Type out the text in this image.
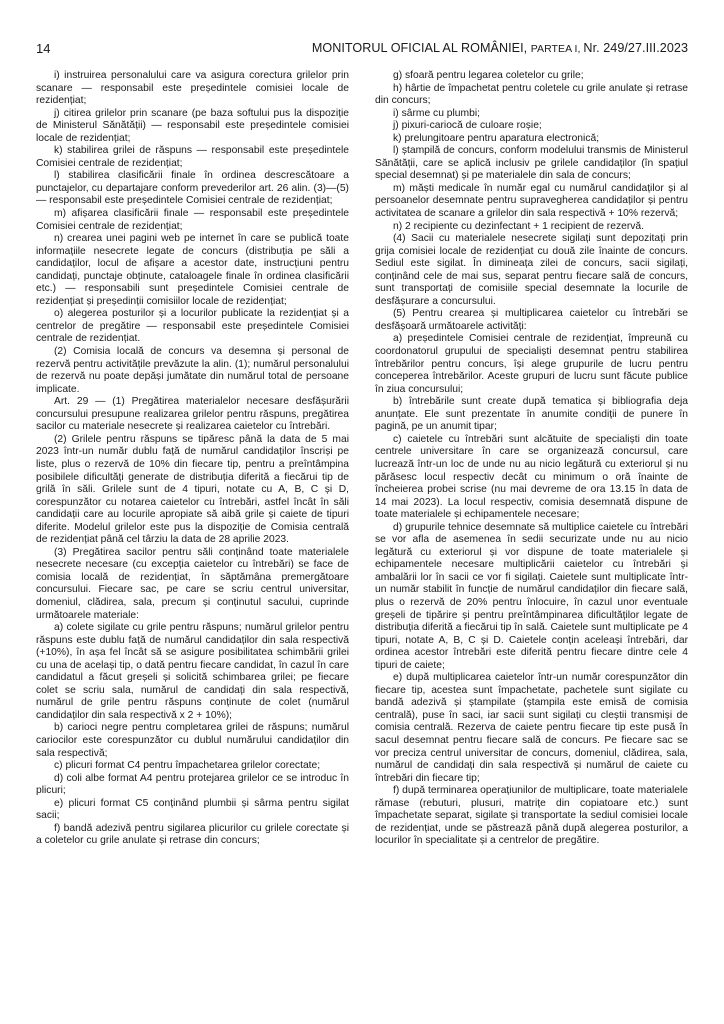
14	MONITORUL OFICIAL AL ROMÂNIEI, PARTEA I, Nr. 249/27.III.2023

i) instruirea personalului care va asigura corectura grilelor prin scanare — responsabil este președintele comisiei locale de rezidențiat;

j) citirea grilelor prin scanare (pe baza softului pus la dispoziție de Ministerul Sănătății) — responsabil este președintele comisiei locale de rezidențiat;

k) stabilirea grilei de răspuns — responsabil este președintele Comisiei centrale de rezidențiat;

l) stabilirea clasificării finale în ordinea descrescătoare a punctajelor, cu departajare conform prevederilor art. 26 alin. (3)—(5) — responsabil este președintele Comisiei centrale de rezidențiat;

m) afișarea clasificării finale — responsabil este președintele Comisiei centrale de rezidențiat;

n) crearea unei pagini web pe internet în care se publică toate informațiile nesecrete legate de concurs (distribuția pe săli a candidaților, locul de afișare a acestor date, instrucțiuni pentru candidați, punctaje obținute, cataloagele finale în ordinea clasificării etc.) — responsabili sunt președintele Comisiei centrale de rezidențiat și președinții comisiilor locale de rezidențiat;

o) alegerea posturilor și a locurilor publicate la rezidențiat și a centrelor de pregătire — responsabil este președintele Comisiei centrale de rezidențiat.

(2) Comisia locală de concurs va desemna și personal de rezervă pentru activitățile prevăzute la alin. (1); numărul personalului de rezervă nu poate depăși jumătate din numărul total de persoane implicate.

Art. 29 — (1) Pregătirea materialelor necesare desfășurării concursului presupune realizarea grilelor pentru răspuns, pregătirea sacilor cu materiale nesecrete și realizarea caietelor cu întrebări.

(2) Grilele pentru răspuns se tipăresc până la data de 5 mai 2023 într-un număr dublu față de numărul candidaților înscriși pe liste, plus o rezervă de 10% din fiecare tip, pentru a preîntâmpina posibilele dificultăți generate de distribuția diferită a fiecărui tip de grilă în săli. Grilele sunt de 4 tipuri, notate cu A, B, C și D, corespunzător cu notarea caietelor cu întrebări, astfel încât în săli candidații care au locurile apropiate să aibă grile și caiete de tipuri diferite. Modelul grilelor este pus la dispoziție de Comisia centrală de rezidențiat până cel târziu la data de 28 aprilie 2023.

(3) Pregătirea sacilor pentru săli conținând toate materialele nesecrete necesare (cu excepția caietelor cu întrebări) se face de comisia locală de rezidențiat, în săptămâna premergătoare concursului. Fiecare sac, pe care se scriu centrul universitar, domeniul, clădirea, sala, precum și conținutul sacului, cuprinde următoarele materiale:

a) colete sigilate cu grile pentru răspuns; numărul grilelor pentru răspuns este dublu față de numărul candidaților din sala respectivă (+10%), în așa fel încât să se asigure posibilitatea schimbării grilei cu una de același tip, o dată pentru fiecare candidat, în cazul în care candidatul a făcut greșeli și solicită schimbarea grilei; pe fiecare colet se scriu sala, numărul de candidați din sala respectivă, numărul de grile pentru răspuns conținute de colet (numărul candidaților din sala respectivă x 2 + 10%);

b) carioci negre pentru completarea grilei de răspuns; numărul cariocilor este corespunzător cu dublul numărului candidaților din sala respectivă;

c) plicuri format C4 pentru împachetarea grilelor corectate;

d) coli albe format A4 pentru protejarea grilelor ce se introduc în plicuri;

e) plicuri format C5 conținând plumbii și sârma pentru sigilat sacii;

f) bandă adezivă pentru sigilarea plicurilor cu grilele corectate și a coletelor cu grile anulate și retrase din concurs;

g) sfoară pentru legarea coletelor cu grile;

h) hârtie de împachetat pentru coletele cu grile anulate și retrase din concurs;

i) sârme cu plumbi;

j) pixuri-cariocă de culoare roșie;

k) prelungitoare pentru aparatura electronică;

l) ștampilă de concurs, conform modelului transmis de Ministerul Sănătății, care se aplică inclusiv pe grilele candidaților (în spațiul special desemnat) și pe materialele din sala de concurs;

m) măști medicale în număr egal cu numărul candidaților și al persoanelor desemnate pentru supravegherea candidaților și pentru activitatea de scanare a grilelor din sala respectivă + 10% rezervă;

n) 2 recipiente cu dezinfectant + 1 recipient de rezervă.

(4) Sacii cu materialele nesecrete sigilați sunt depozitați prin grija comisiei locale de rezidențiat cu două zile înainte de concurs. Sediul este sigilat. În dimineața zilei de concurs, sacii sigilați, conținând cele de mai sus, separat pentru fiecare sală de concurs, sunt transportați de comisiile special desemnate la locurile de desfășurare a concursului.

(5) Pentru crearea și multiplicarea caietelor cu întrebări se desfășoară următoarele activități:

a) președintele Comisiei centrale de rezidențiat, împreună cu coordonatorul grupului de specialiști desemnat pentru stabilirea întrebărilor pentru concurs, își alege grupurile de lucru pentru conceperea întrebărilor. Aceste grupuri de lucru sunt făcute publice în ziua concursului;

b) întrebările sunt create după tematica și bibliografia deja anunțate. Ele sunt prezentate în anumite condiții de punere în pagină, pe un anumit tipar;

c) caietele cu întrebări sunt alcătuite de specialiști din toate centrele universitare în care se organizează concursul, care lucrează într-un loc de unde nu au nicio legătură cu exteriorul și nu părăsesc locul respectiv decât cu minimum o oră înainte de încheierea probei scrise (nu mai devreme de ora 13.15 în data de 14 mai 2023). La locul respectiv, comisia desemnată dispune de toate materialele și echipamentele necesare;

d) grupurile tehnice desemnate să multiplice caietele cu întrebări se vor afla de asemenea în sedii securizate unde nu au nicio legătură cu exteriorul și vor dispune de toate materialele și echipamentele necesare multiplicării caietelor cu întrebări și ambalării lor în sacii ce vor fi sigilați. Caietele sunt multiplicate într-un număr stabilit în funcție de numărul candidaților din fiecare sală, plus o rezervă de 20% pentru înlocuire, în cazul unor eventuale greșeli de tipărire și pentru preîntâmpinarea dificultăților legate de distribuția diferită a fiecărui tip în sală. Caietele sunt multiplicate pe 4 tipuri, notate A, B, C și D. Caietele conțin aceleași întrebări, dar ordinea acestor întrebări este diferită pentru fiecare dintre cele 4 tipuri de caiete;

e) după multiplicarea caietelor într-un număr corespunzător din fiecare tip, acestea sunt împachetate, pachetele sunt sigilate cu bandă adezivă și ștampilate (ștampila este emisă de comisia centrală), puse în saci, iar sacii sunt sigilați cu cleștii transmiși de comisia centrală. Rezerva de caiete pentru fiecare tip este pusă în sacul desemnat pentru fiecare sală de concurs. Pe fiecare sac se vor preciza centrul universitar de concurs, domeniul, clădirea, sala, numărul de candidați din sala respectivă și numărul de caiete cu întrebări din fiecare tip;

f) după terminarea operațiunilor de multiplicare, toate materialele rămase (rebuturi, plusuri, matrițe din copiatoare etc.) sunt împachetate separat, sigilate și transportate la sediul comisiei locale de rezidențiat, unde se păstrează până după alegerea posturilor, a locurilor în specialitate și a centrelor de pregătire.
